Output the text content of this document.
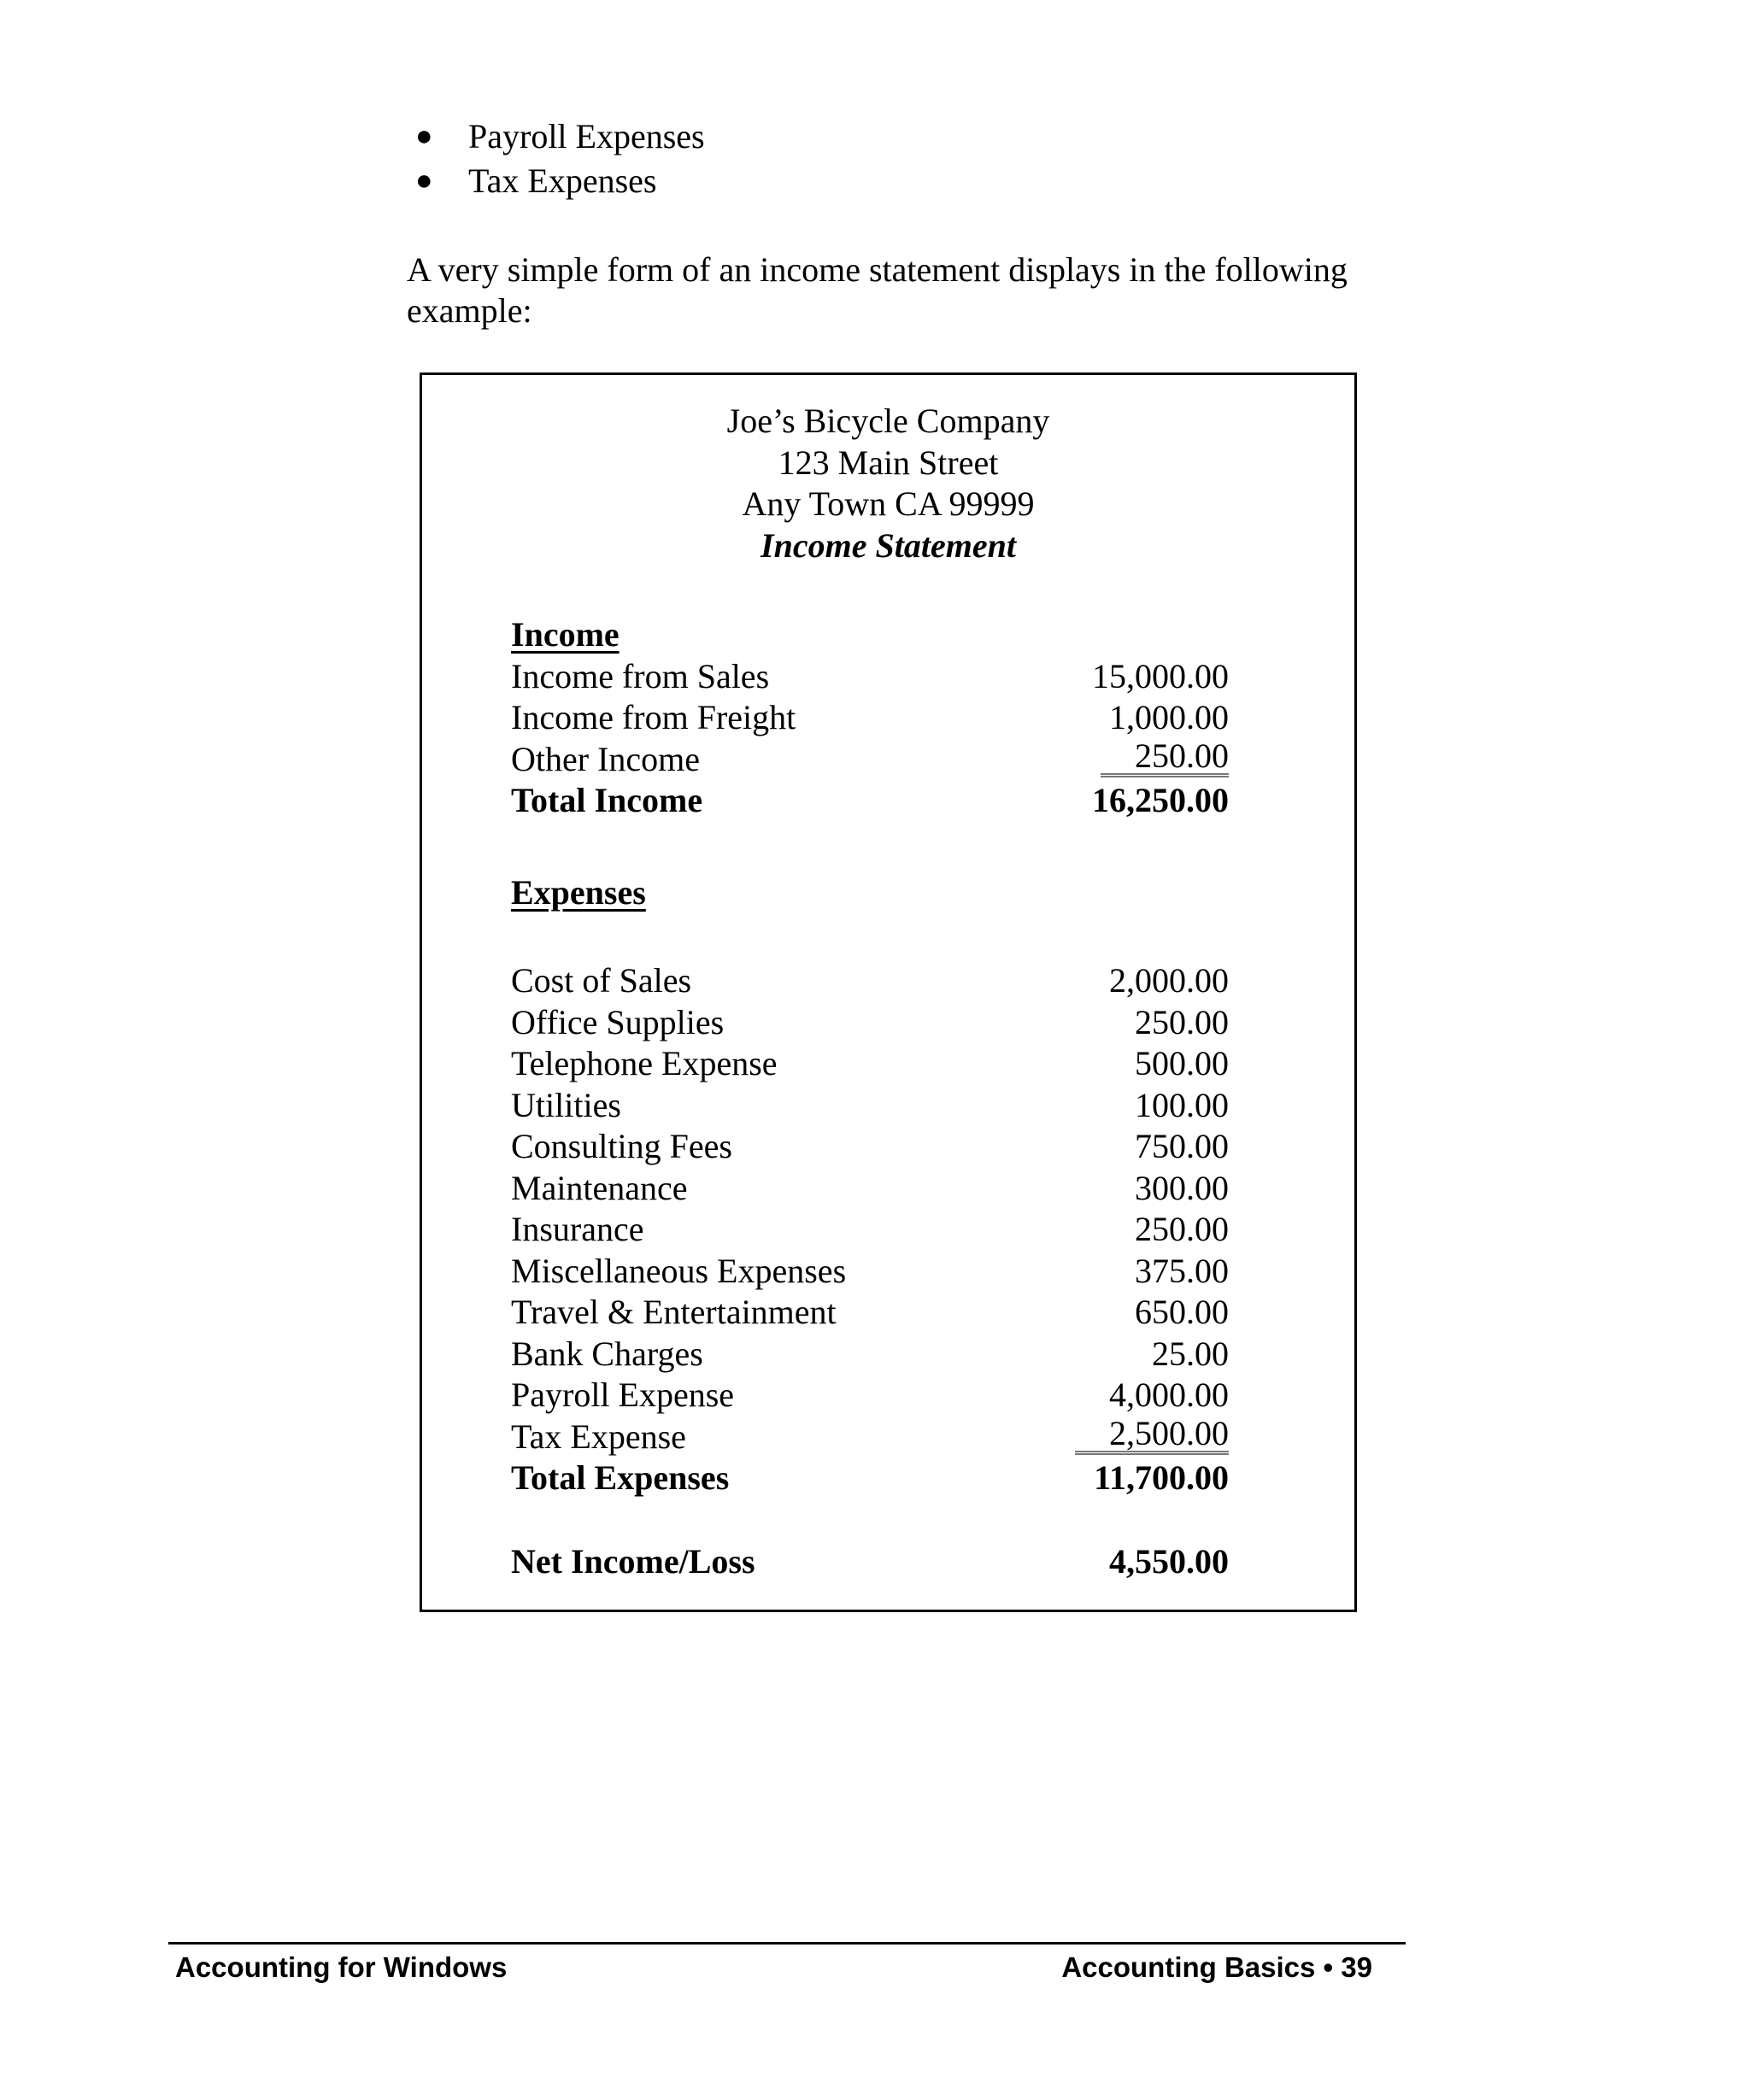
● Payroll Expenses
● Tax Expenses

A very simple form of an income statement displays in the following example:

Joe’s Bicycle Company
123 Main Street
Any Town CA 99999
Income Statement
Income
Income from Sales	15,000.00
Income from Freight	1,000.00
Other Income	250.00
Total Income	16,250.00
Expenses
Cost of Sales	2,000.00
Office Supplies	250.00
Telephone Expense	500.00
Utilities	100.00
Consulting Fees	750.00
Maintenance	300.00
Insurance	250.00
Miscellaneous Expenses	375.00
Travel & Entertainment	650.00
Bank Charges	25.00
Payroll Expense	4,000.00
Tax Expense	2,500.00
Total Expenses	11,700.00
Net Income/Loss	4,550.00
Accounting for Windows	Accounting Basics • 39
